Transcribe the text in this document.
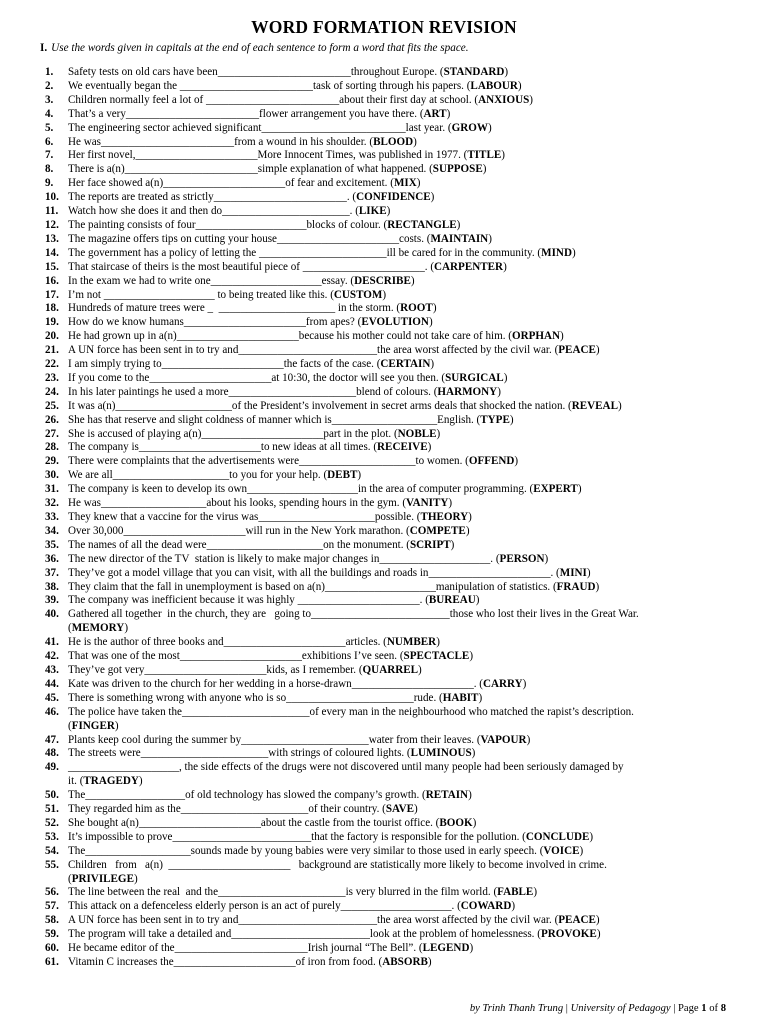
WORD FORMATION REVISION
I. Use the words given in capitals at the end of each sentence to form a word that fits the space.
1. Safety tests on old cars have been________________________throughout Europe. (STANDARD)
2. We eventually began the ________________________task of sorting through his papers. (LABOUR)
3. Children normally feel a lot of ________________________about their first day at school. (ANXIOUS)
4. That’s a very________________________flower arrangement you have there. (ART)
5. The engineering sector achieved significant__________________________last year. (GROW)
6. He was________________________from a wound in his shoulder. (BLOOD)
7. Her first novel,______________________More Innocent Times, was published in 1977. (TITLE)
8. There is a(n)________________________simple explanation of what happened. (SUPPOSE)
9. Her face showed a(n)______________________of fear and excitement. (MIX)
10. The reports are treated as strictly________________________. (CONFIDENCE)
11. Watch how she does it and then do_______________________. (LIKE)
12. The painting consists of four____________________blocks of colour. (RECTANGLE)
13. The magazine offers tips on cutting your house______________________costs. (MAINTAIN)
14. The government has a policy of letting the _______________________ill be cared for in the community. (MIND)
15. That staircase of theirs is the most beautiful piece of ______________________. (CARPENTER)
16. In the exam we had to write one____________________essay. (DESCRIBE)
17. I’m not ____________________ to being treated like this. (CUSTOM)
18. Hundreds of mature trees were _  _____________________ in the storm. (ROOT)
19. How do we know humans______________________from apes? (EVOLUTION)
20. He had grown up in a(n)______________________because his mother could not take care of him. (ORPHAN)
21. A UN force has been sent in to try and_________________________the area worst affected by the civil war. (PEACE)
22. I am simply trying to______________________the facts of the case. (CERTAIN)
23. If you come to the______________________at 10:30, the doctor will see you then. (SURGICAL)
24. In his later paintings he used a more_______________________blend of colours. (HARMONY)
25. It was a(n)_____________________of the President’s involvement in secret arms deals that shocked the nation. (REVEAL)
26. She has that reserve and slight coldness of manner which is___________________English. (TYPE)
27. She is accused of playing a(n)______________________part in the plot. (NOBLE)
28. The company is______________________to new ideas at all times. (RECEIVE)
29. There were complaints that the advertisements were_____________________to women. (OFFEND)
30. We are all_____________________to you for your help. (DEBT)
31. The company is keen to develop its own____________________in the area of computer programming. (EXPERT)
32. He was___________________about his looks, spending hours in the gym. (VANITY)
33. They knew that a vaccine for the virus was_____________________possible. (THEORY)
34. Over 30,000______________________will run in the New York marathon. (COMPETE)
35. The names of all the dead were_____________________on the monument. (SCRIPT)
36. The new director of the TV  station is likely to make major changes in____________________. (PERSON)
37. They’ve got a model village that you can visit, with all the buildings and roads in______________________. (MINI)
38. They claim that the fall in unemployment is based on a(n)____________________manipulation of statistics. (FRAUD)
39. The company was inefficient because it was highly ______________________. (BUREAU)
40. Gathered all together  in the church, they are   going to_________________________those who lost their lives in the Great War.
(MEMORY)
41. He is the author of three books and______________________articles. (NUMBER)
42. That was one of the most______________________exhibitions I’ve seen. (SPECTACLE)
43. They’ve got very______________________kids, as I remember. (QUARREL)
44. Kate was driven to the church for her wedding in a horse-drawn______________________. (CARRY)
45. There is something wrong with anyone who is so_______________________rude. (HABIT)
46. The police have taken the_______________________of every man in the neighbourhood who matched the rapist’s description.
(FINGER)
47. Plants keep cool during the summer by_______________________water from their leaves. (VAPOUR)
48. The streets were_______________________with strings of coloured lights. (LUMINOUS)
49. ____________________, the side effects of the drugs were not discovered until many people had been seriously damaged by
it. (TRAGEDY)
50. The__________________of old technology has slowed the company’s growth. (RETAIN)
51. They regarded him as the_______________________of their country. (SAVE)
52. She bought a(n)______________________about the castle from the tourist office. (BOOK)
53. It’s impossible to prove_________________________that the factory is responsible for the pollution. (CONCLUDE)
54. The___________________sounds made by young babies were very similar to those used in early speech. (VOICE)
55. Children   from   a(n)  ______________________   background are statistically more likely to become involved in crime.
(PRIVILEGE)
56. The line between the real  and the_______________________is very blurred in the film world. (FABLE)
57. This attack on a defenceless elderly person is an act of purely____________________. (COWARD)
58. A UN force has been sent in to try and_________________________the area worst affected by the civil war. (PEACE)
59. The program will take a detailed and_________________________look at the problem of homelessness. (PROVOKE)
60. He became editor of the________________________Irish journal “The Bell”. (LEGEND)
61. Vitamin C increases the______________________of iron from food. (ABSORB)
by Trinh Thanh Trung | University of Pedagogy | Page 1 of 8
